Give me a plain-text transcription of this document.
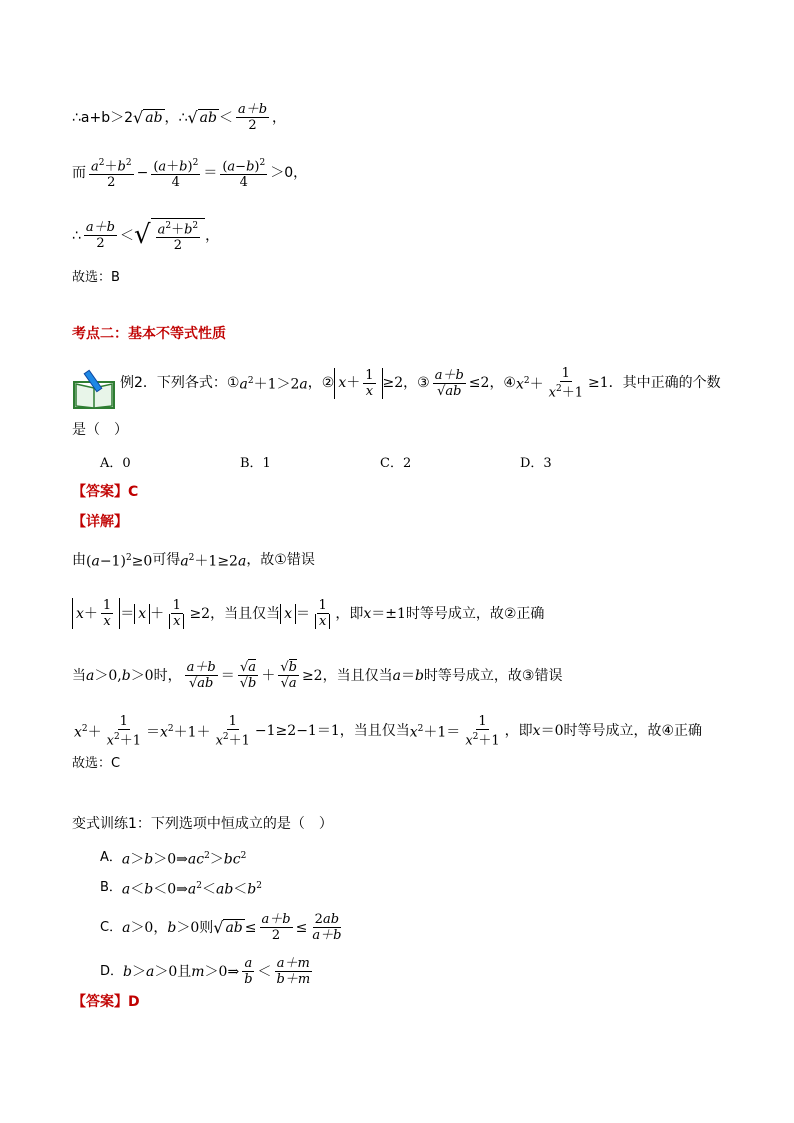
∴a+b＞2 √ ab ，∴ √ ab ＜ $\frac{a+b}{2}$ ，
而 $\frac{a^2+b^2}{2} - \frac{(a+b)^2}{4} = \frac{(a-b)^2}{4} >0$，
∴ $\frac{a+b}{2}$ ＜ √ $\frac{a^2+b^2}{2}$ ，
故选：B
考点二：基本不等式性质
例2．下列各式： ① $a^2+1>2a$ ，② $x + \frac{1}{x} \ge 2$ ，③ $\frac{a+b}{√ab} \le 2$ ，④ $x^2+ \frac{1}{x^2+1} \ge 1$ ．其中正确的个数
是（　）
A．0	B．1	C．2	D．3
【答案】 C
【详解】
由 $(a-1)^2\ge 0$ 可得 $a^2+1\ge 2a$ ，故①错误
$x + \frac{1}{x} = x + \frac{1}{x} \ge 2$ ，当且仅当 $x = \frac{1}{x}$ ，即 x＝±1 时等号成立，故②正确
当 a＞0,b＞0 时， $\frac{a+b}{√ab} = \frac{√a}{√b} + \frac{√b}{√a} \ge 2$ ，当且仅当 a＝b 时等号成立，故③错误
$x^2+ \frac{1}{x^2+1} =x^2+1+ \frac{1}{x^2+1} -1\ge 2-1=1$ ，当且仅当 $x^2+1= \frac{1}{x^2+1}$ ，即 x＝0 时等号成立，故④正确
故选：C
变式训练1：下列选项中恒成立的是（　）
A． $a>b>0\Rightarrow ac^2>bc^2$
B． $a<b<0\Rightarrow a^2<ab<b^2$
C． a＞0 ， b＞0 则 √ ab ≤ $\frac{a+b}{2} \le \frac{2ab}{a+b}$
D． b＞a＞0 且 m＞0⇒ $\frac{a}{b} < \frac{a+m}{b+m}$
【答案】 D
